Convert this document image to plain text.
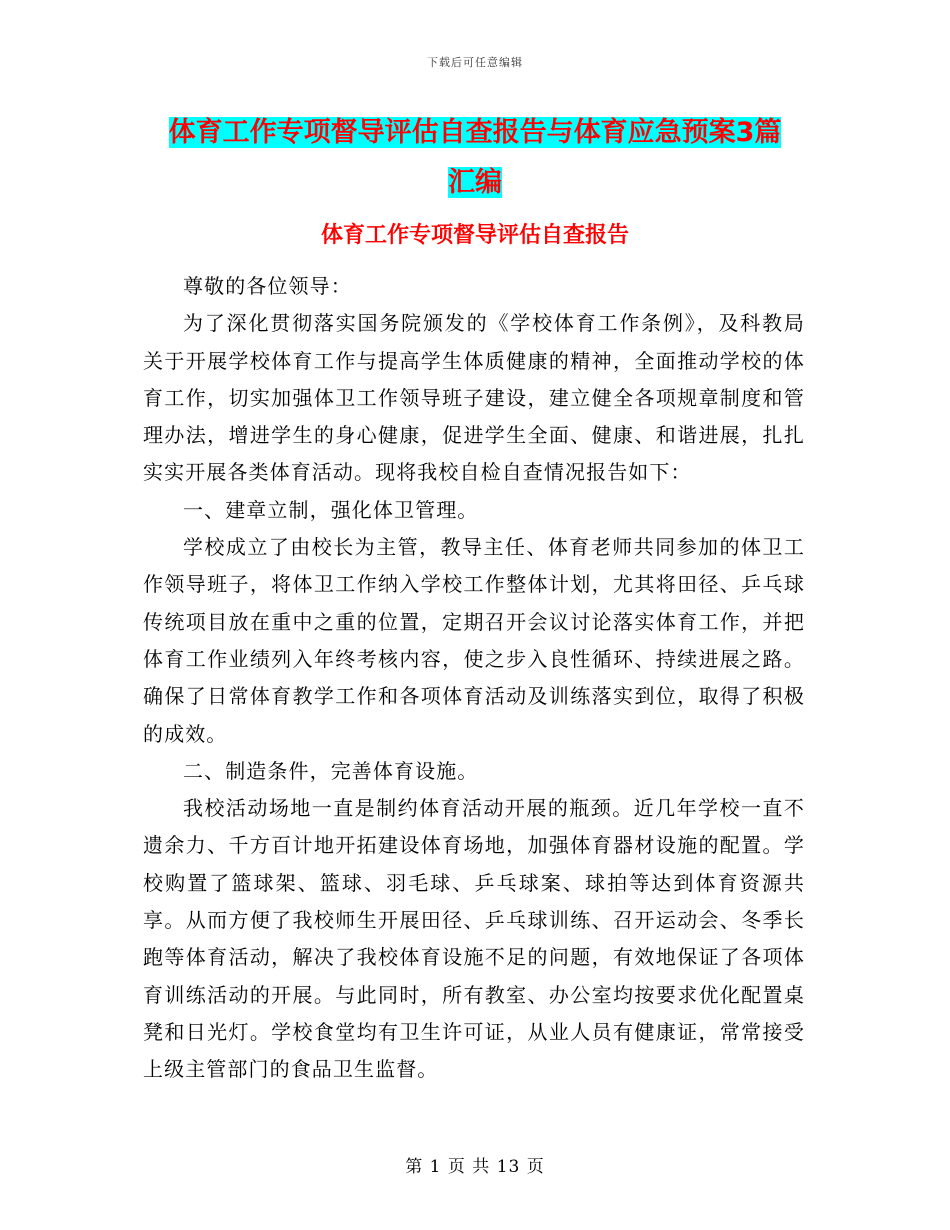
下载后可任意编辑
体育工作专项督导评估自查报告与体育应急预案3篇
汇编
体育工作专项督导评估自查报告

尊敬的各位领导：

为了深化贯彻落实国务院颁发的《学校体育工作条例》，及科教局关于开展学校体育工作与提高学生体质健康的精神，全面推动学校的体育工作，切实加强体卫工作领导班子建设，建立健全各项规章制度和管理办法，增进学生的身心健康，促进学生全面、健康、和谐进展，扎扎实实开展各类体育活动。现将我校自检自查情况报告如下：

一、建章立制，强化体卫管理。

学校成立了由校长为主管，教导主任、体育老师共同参加的体卫工作领导班子，将体卫工作纳入学校工作整体计划，尤其将田径、乒乓球传统项目放在重中之重的位置，定期召开会议讨论落实体育工作，并把体育工作业绩列入年终考核内容，使之步入良性循环、持续进展之路。确保了日常体育教学工作和各项体育活动及训练落实到位，取得了积极的成效。

二、制造条件，完善体育设施。

我校活动场地一直是制约体育活动开展的瓶颈。近几年学校一直不遗余力、千方百计地开拓建设体育场地，加强体育器材设施的配置。学校购置了篮球架、篮球、羽毛球、乒乓球案、球拍等达到体育资源共享。从而方便了我校师生开展田径、乒乓球训练、召开运动会、冬季长跑等体育活动，解决了我校体育设施不足的问题，有效地保证了各项体育训练活动的开展。与此同时，所有教室、办公室均按要求优化配置桌凳和日光灯。学校食堂均有卫生许可证，从业人员有健康证，常常接受上级主管部门的食品卫生监督。

第 1 页 共 13 页
